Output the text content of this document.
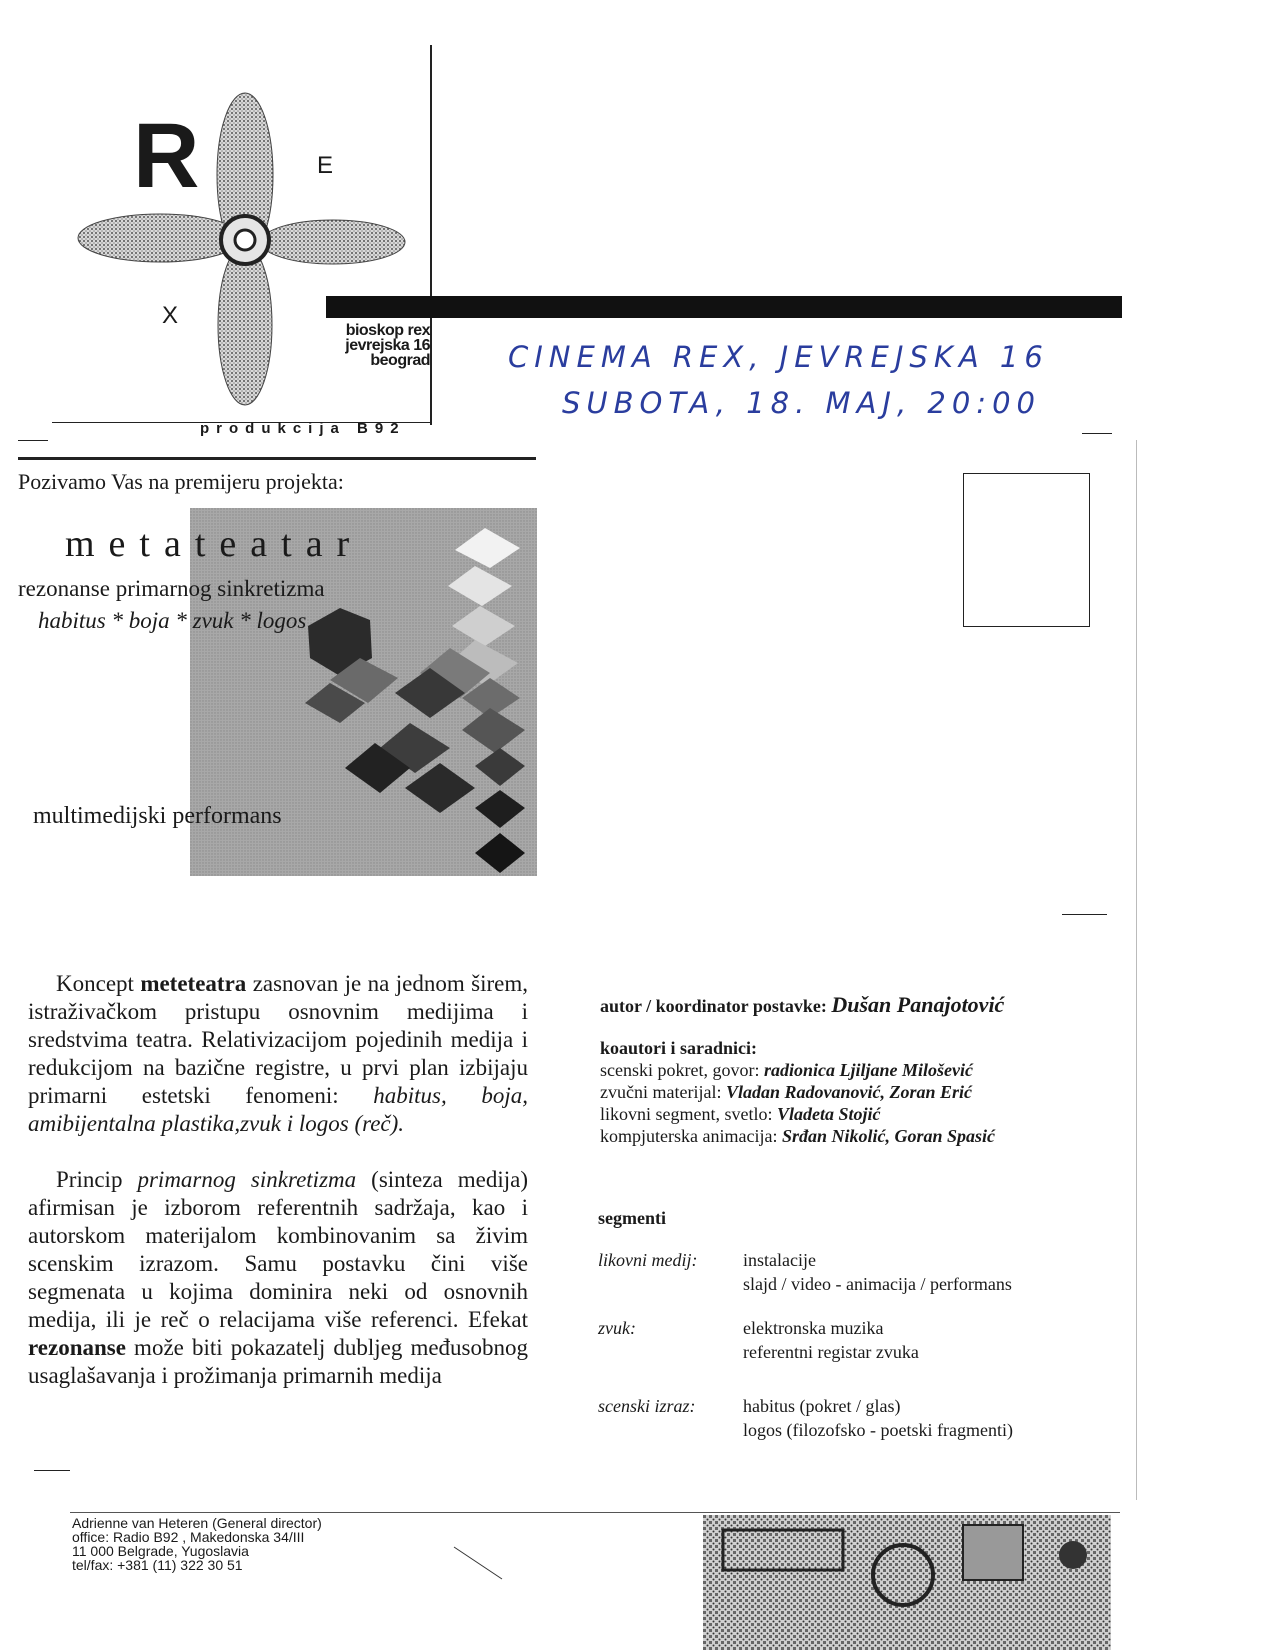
R	E
X
bioskop rex
jevrejska 16
beograd
produkcija B92
CINEMA REX, JEVREJSKA 16
SUBOTA, 18. MAJ, 20:00
Pozivamo Vas na premijeru projekta:
metateatar
rezonanse primarnog sinkretizma
habitus * boja * zvuk * logos
multimedijski performans

Koncept meteteatra zasnovan je na jednom širem, istraživačkom pristupu osnovnim medijima i sredstvima teatra. Relativizacijom pojedinih medija i redukcijom na bazične registre, u prvi plan izbijaju primarni estetski fenomeni: habitus, boja, amibijentalna plastika,zvuk i logos (reč).

Princip primarnog sinkretizma (sinteza medija) afirmisan je izborom referentnih sadržaja, kao i autorskom materijalom kombinovanim sa živim scenskim izrazom. Samu postavku čini više segmenata u kojima dominira neki od osnovnih medija, ili je reč o relacijama više referenci. Efekat rezonanse može biti pokazatelj dubljeg međusobnog usaglašavanja i prožimanja primarnih medija

autor / koordinator postavke: Dušan Panajotović
koautori i saradnici:
scenski pokret, govor: radionica Ljiljane Milošević
zvučni materijal: Vladan Radovanović, Zoran Erić
likovni segment, svetlo: Vladeta Stojić
kompjuterska animacija: Srđan Nikolić, Goran Spasić
segmenti
likovni medij:	instalacije
slajd / video - animacija / performans
zvuk:	elektronska muzika
referentni registar zvuka
scenski izraz:	habitus (pokret / glas)
logos (filozofsko - poetski fragmenti)
Adrienne van Heteren (General director)
office: Radio B92 , Makedonska 34/III
11 000 Belgrade, Yugoslavia
tel/fax: +381 (11) 322 30 51
